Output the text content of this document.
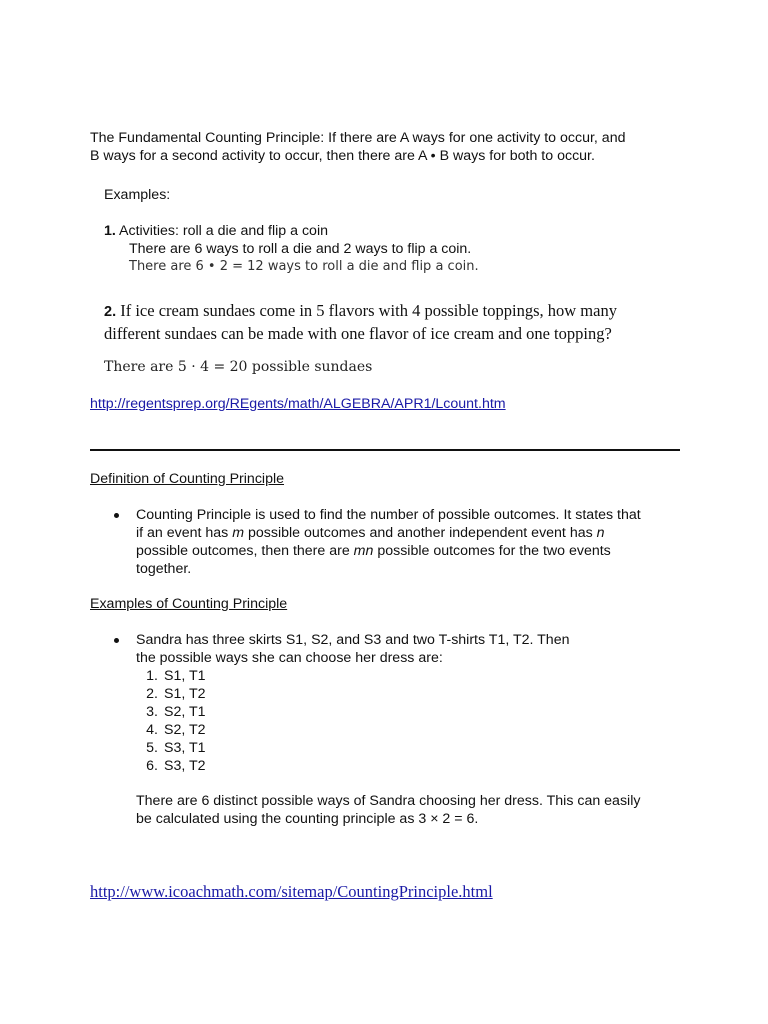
The Fundamental Counting Principle: If there are A ways for one activity to occur, and
B ways for a second activity to occur, then there are A • B ways for both to occur.
Examples:
1. Activities: roll a die and flip a coin
There are 6 ways to roll a die and 2 ways to flip a coin.
There are 6 • 2 = 12 ways to roll a die and flip a coin.
2. If ice cream sundaes come in 5 flavors with 4 possible toppings, how many
different sundaes can be made with one flavor of ice cream and one topping?
There are 5 · 4 = 20 possible sundaes
http://regentsprep.org/REgents/math/ALGEBRA/APR1/Lcount.htm
Definition of Counting Principle
Counting Principle is used to find the number of possible outcomes. It states that
if an event has m possible outcomes and another independent event has n
possible outcomes, then there are mn possible outcomes for the two events
together.
Examples of Counting Principle
Sandra has three skirts S1, S2, and S3 and two T-shirts T1, T2. Then
the possible ways she can choose her dress are:
1. S1, T1
2. S1, T2
3. S2, T1
4. S2, T2
5. S3, T1
6. S3, T2
There are 6 distinct possible ways of Sandra choosing her dress. This can easily
be calculated using the counting principle as 3 × 2 = 6.
http://www.icoachmath.com/sitemap/CountingPrinciple.html
